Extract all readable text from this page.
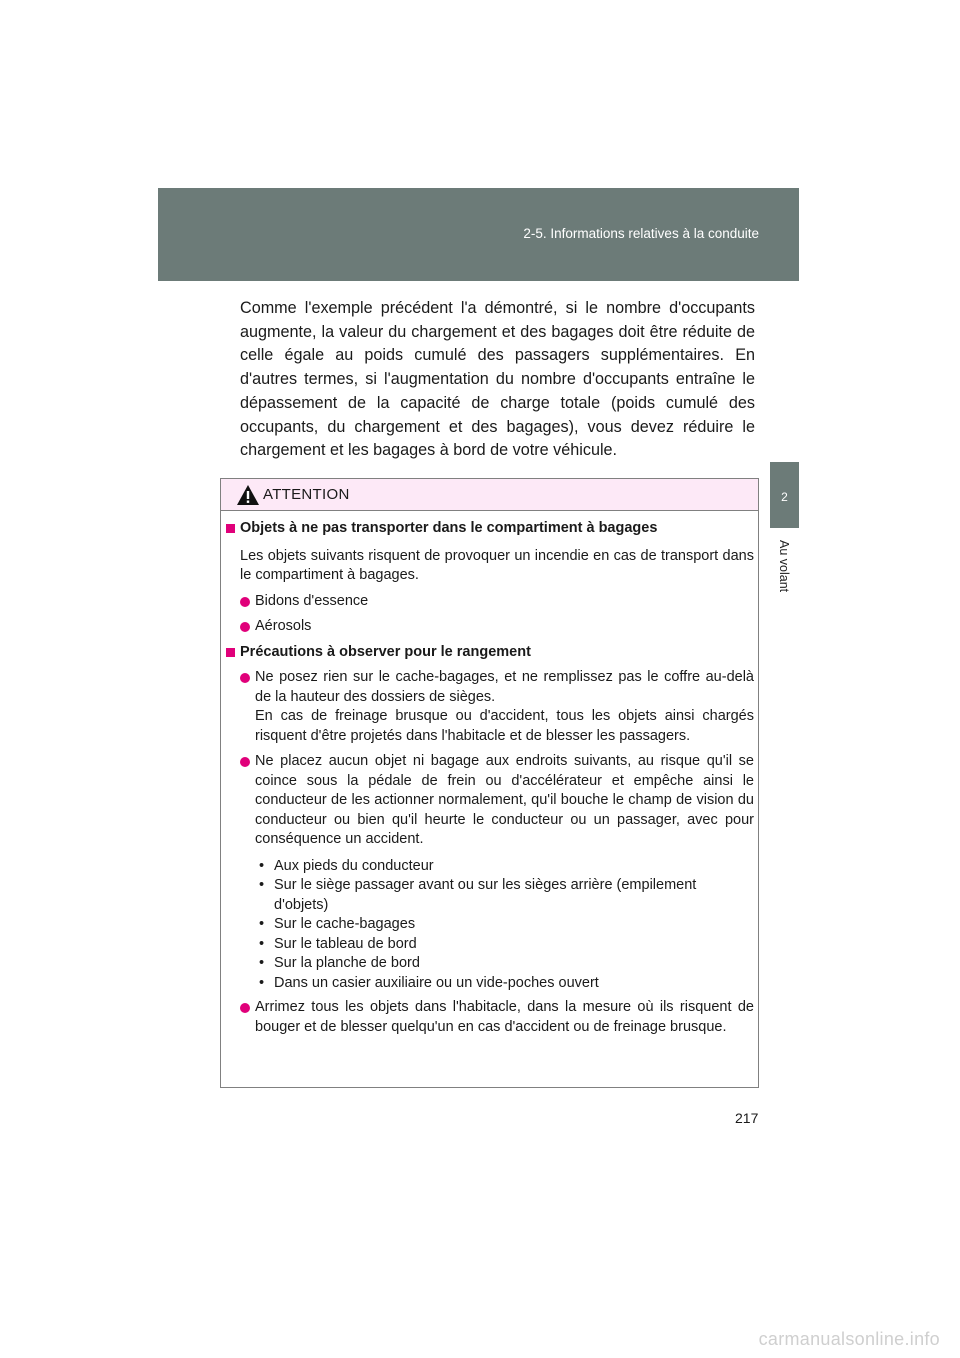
2-5. Informations relatives à la conduite
2
Au volant
Comme l'exemple précédent l'a démontré, si le nombre d'occupants augmente, la valeur du chargement et des bagages doit être réduite de celle égale au poids cumulé des passagers supplémentaires. En d'autres termes, si l'augmentation du nombre d'occupants entraîne le dépassement de la capacité de charge totale (poids cumulé des occupants, du chargement et des bagages), vous devez réduire le chargement et les bagages à bord de votre véhicule.
ATTENTION
Objets à ne pas transporter dans le compartiment à bagages
Les objets suivants risquent de provoquer un incendie en cas de transport dans le compartiment à bagages.
Bidons d'essence
Aérosols
Précautions à observer pour le rangement
Ne posez rien sur le cache-bagages, et ne remplissez pas le coffre au-delà de la hauteur des dossiers de sièges.
En cas de freinage brusque ou d'accident, tous les objets ainsi chargés risquent d'être projetés dans l'habitacle et de blesser les passagers.
Ne placez aucun objet ni bagage aux endroits suivants, au risque qu'il se coince sous la pédale de frein ou d'accélérateur et empêche ainsi le conducteur de les actionner normalement, qu'il bouche le champ de vision du conducteur ou bien qu'il heurte le conducteur ou un passager, avec pour conséquence un accident.
• Aux pieds du conducteur
• Sur le siège passager avant ou sur les sièges arrière (empilement d'objets)
• Sur le cache-bagages
• Sur le tableau de bord
• Sur la planche de bord
• Dans un casier auxiliaire ou un vide-poches ouvert
Arrimez tous les objets dans l'habitacle, dans la mesure où ils risquent de bouger et de blesser quelqu'un en cas d'accident ou de freinage brusque.
217
carmanualsonline.info
